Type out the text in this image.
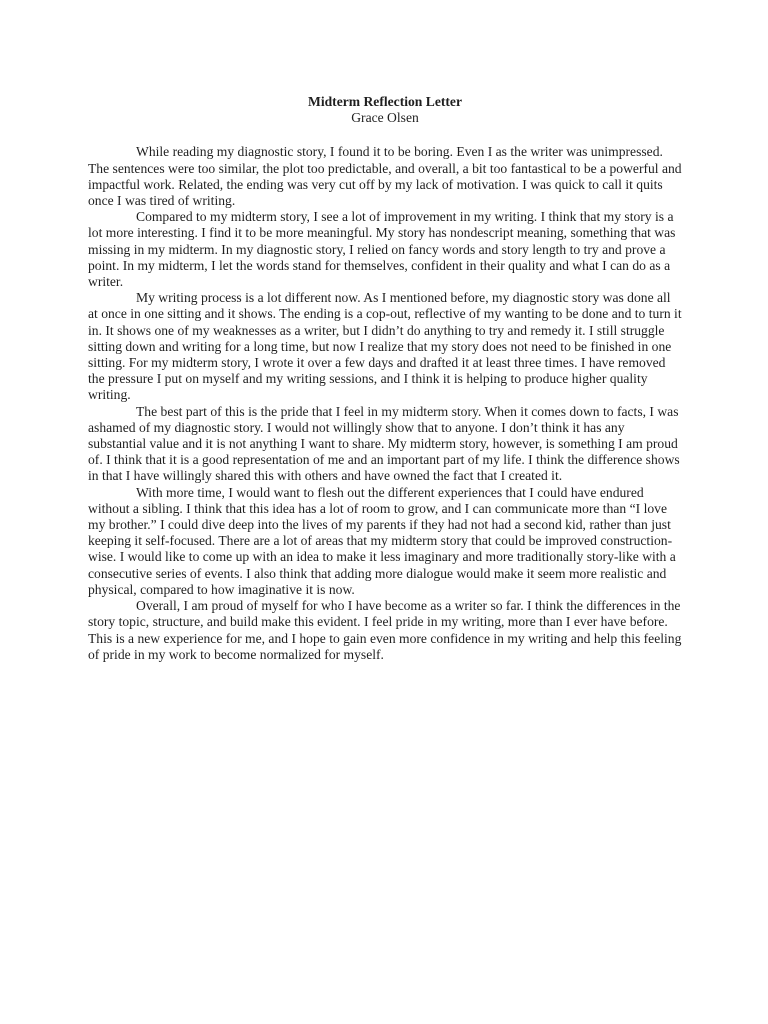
Midterm Reflection Letter

Grace Olsen

While reading my diagnostic story, I found it to be boring. Even I as the writer was unimpressed. The sentences were too similar, the plot too predictable, and overall, a bit too fantastical to be a powerful and impactful work. Related, the ending was very cut off by my lack of motivation. I was quick to call it quits once I was tired of writing.

Compared to my midterm story, I see a lot of improvement in my writing. I think that my story is a lot more interesting. I find it to be more meaningful. My story has nondescript meaning, something that was missing in my midterm. In my diagnostic story, I relied on fancy words and story length to try and prove a point. In my midterm, I let the words stand for themselves, confident in their quality and what I can do as a writer.

My writing process is a lot different now. As I mentioned before, my diagnostic story was done all at once in one sitting and it shows. The ending is a cop-out, reflective of my wanting to be done and to turn it in. It shows one of my weaknesses as a writer, but I didn’t do anything to try and remedy it. I still struggle sitting down and writing for a long time, but now I realize that my story does not need to be finished in one sitting. For my midterm story, I wrote it over a few days and drafted it at least three times. I have removed the pressure I put on myself and my writing sessions, and I think it is helping to produce higher quality writing.

The best part of this is the pride that I feel in my midterm story. When it comes down to facts, I was ashamed of my diagnostic story. I would not willingly show that to anyone. I don’t think it has any substantial value and it is not anything I want to share. My midterm story, however, is something I am proud of. I think that it is a good representation of me and an important part of my life. I think the difference shows in that I have willingly shared this with others and have owned the fact that I created it.

With more time, I would want to flesh out the different experiences that I could have endured without a sibling. I think that this idea has a lot of room to grow, and I can communicate more than “I love my brother.” I could dive deep into the lives of my parents if they had not had a second kid, rather than just keeping it self-focused. There are a lot of areas that my midterm story that could be improved construction-wise. I would like to come up with an idea to make it less imaginary and more traditionally story-like with a consecutive series of events. I also think that adding more dialogue would make it seem more realistic and physical, compared to how imaginative it is now.

Overall, I am proud of myself for who I have become as a writer so far. I think the differences in the story topic, structure, and build make this evident. I feel pride in my writing, more than I ever have before. This is a new experience for me, and I hope to gain even more confidence in my writing and help this feeling of pride in my work to become normalized for myself.
